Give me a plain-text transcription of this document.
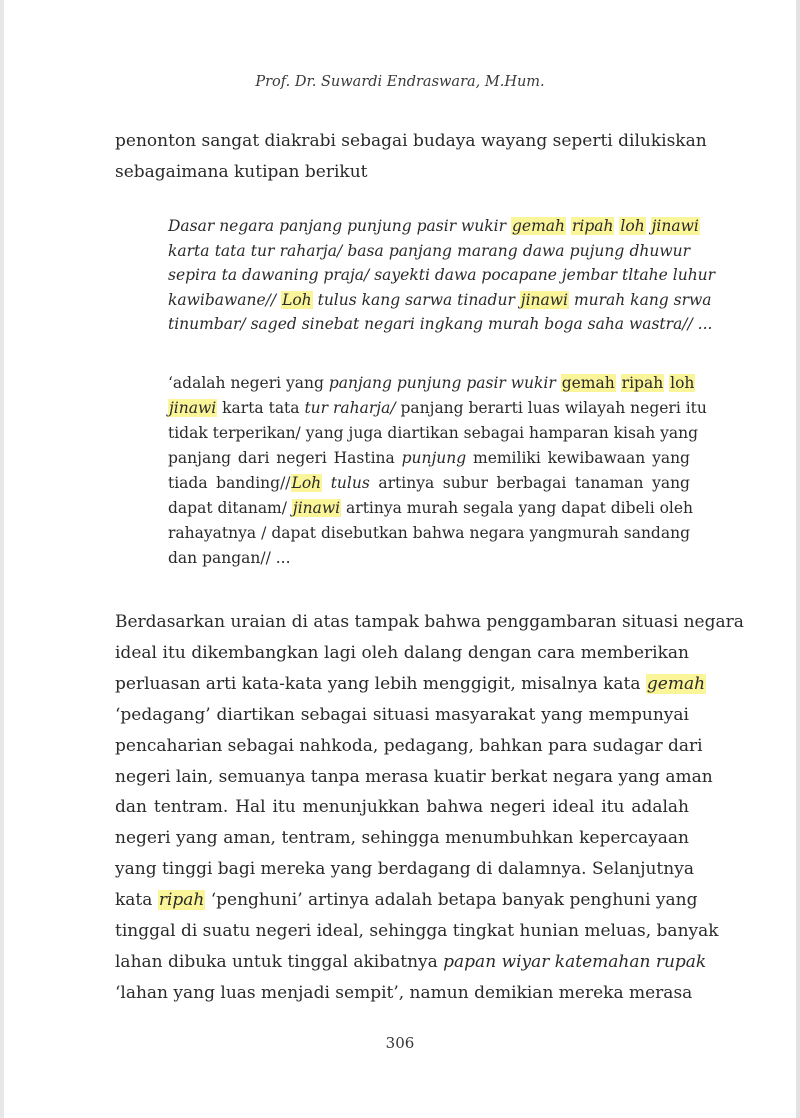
Prof. Dr. Suwardi Endraswara, M.Hum.
penonton sangat diakrabi sebagai budaya wayang seperti dilukiskan
sebagaimana kutipan berikut
Dasar negara panjang punjung pasir wukir gemah ripah loh jinawi
karta tata tur raharja/ basa panjang marang dawa pujung dhuwur
sepira ta dawaning praja/ sayekti dawa pocapane jembar tltahe luhur
kawibawane// Loh tulus kang sarwa tinadur jinawi murah kang srwa
tinumbar/ saged sinebat negari ingkang murah boga saha wastra// ...
‘adalah negeri yang panjang punjung pasir wukir gemah ripah loh
jinawi karta tata tur raharja/ panjang berarti luas wilayah negeri itu
tidak terperikan/ yang juga diartikan sebagai hamparan kisah yang
panjang dari negeri Hastina punjung memiliki kewibawaan yang
tiada banding//Loh tulus artinya subur berbagai tanaman yang
dapat ditanam/ jinawi artinya murah segala yang dapat dibeli oleh
rahayatnya / dapat disebutkan bahwa negara yangmurah sandang
dan pangan// ...
Berdasarkan uraian di atas tampak bahwa penggambaran situasi negara
ideal itu dikembangkan lagi oleh dalang dengan cara memberikan
perluasan arti kata-kata yang lebih menggigit, misalnya kata gemah
‘pedagang’ diartikan sebagai situasi masyarakat yang mempunyai
pencaharian sebagai nahkoda, pedagang, bahkan para sudagar dari
negeri lain, semuanya tanpa merasa kuatir berkat negara yang aman
dan tentram. Hal itu menunjukkan bahwa negeri ideal itu adalah
negeri yang aman, tentram, sehingga menumbuhkan kepercayaan
yang tinggi bagi mereka yang berdagang di dalamnya. Selanjutnya
kata ripah ‘penghuni’ artinya adalah betapa banyak penghuni yang
tinggal di suatu negeri ideal, sehingga tingkat hunian meluas, banyak
lahan dibuka untuk tinggal akibatnya papan wiyar katemahan rupak
‘lahan yang luas menjadi sempit’, namun demikian mereka merasa
306
